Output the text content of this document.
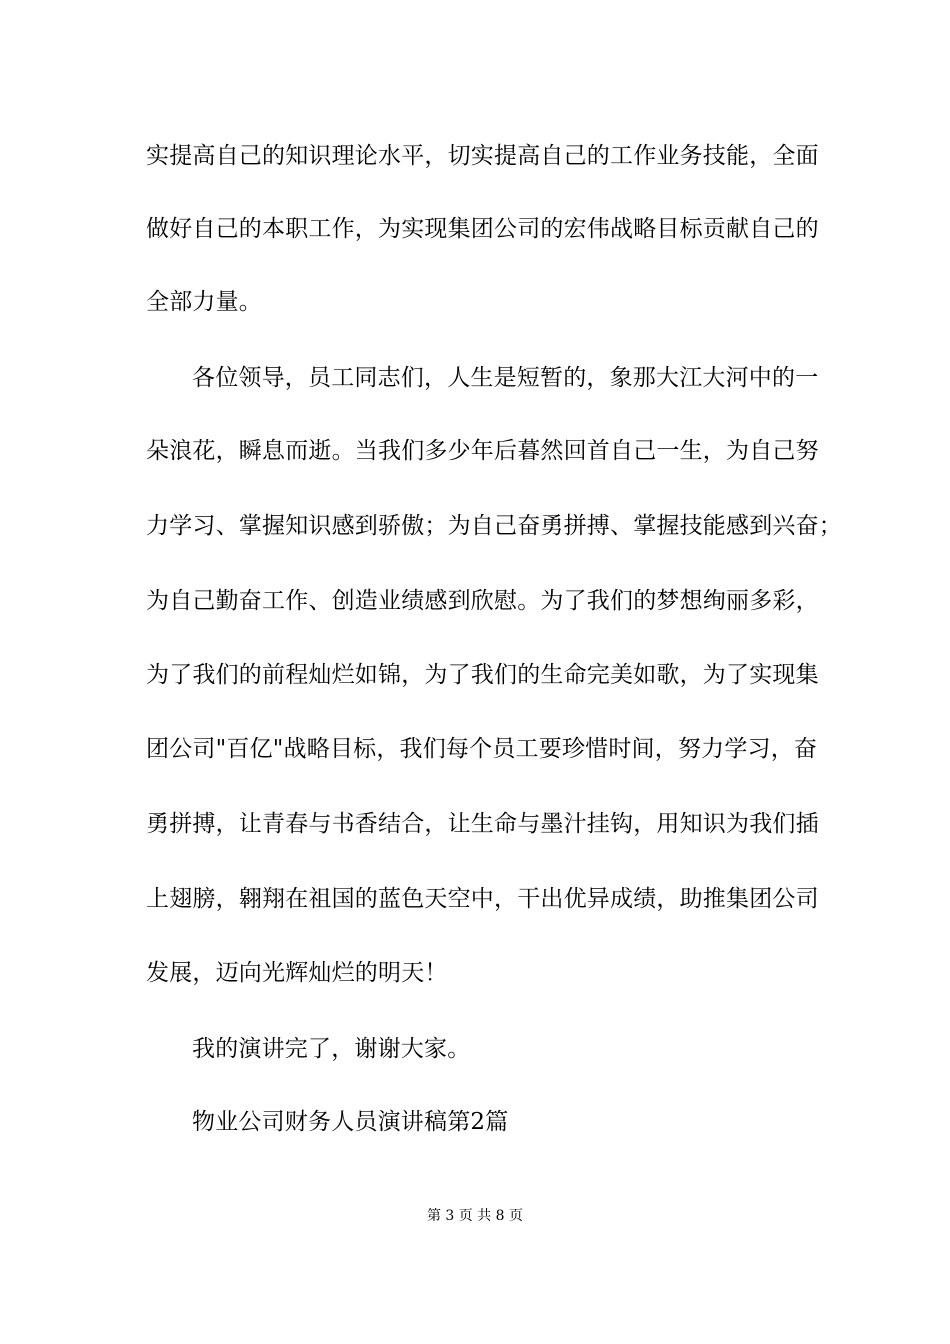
实提高自己的知识理论水平，切实提高自己的工作业务技能，全面
做好自己的本职工作，为实现集团公司的宏伟战略目标贡献自己的
全部力量。
各位领导，员工同志们，人生是短暂的，象那大江大河中的一
朵浪花，瞬息而逝。当我们多少年后暮然回首自己一生，为自己努
力学习、掌握知识感到骄傲；为自己奋勇拼搏、掌握技能感到兴奋；
为自己勤奋工作、创造业绩感到欣慰。为了我们的梦想绚丽多彩，
为了我们的前程灿烂如锦，为了我们的生命完美如歌，为了实现集
团公司"百亿"战略目标，我们每个员工要珍惜时间，努力学习，奋
勇拼搏，让青春与书香结合，让生命与墨汁挂钩，用知识为我们插
上翅膀，翱翔在祖国的蓝色天空中，干出优异成绩，助推集团公司
发展，迈向光辉灿烂的明天！
我的演讲完了，谢谢大家。
物业公司财务人员演讲稿第2篇
第 3 页 共 8 页
